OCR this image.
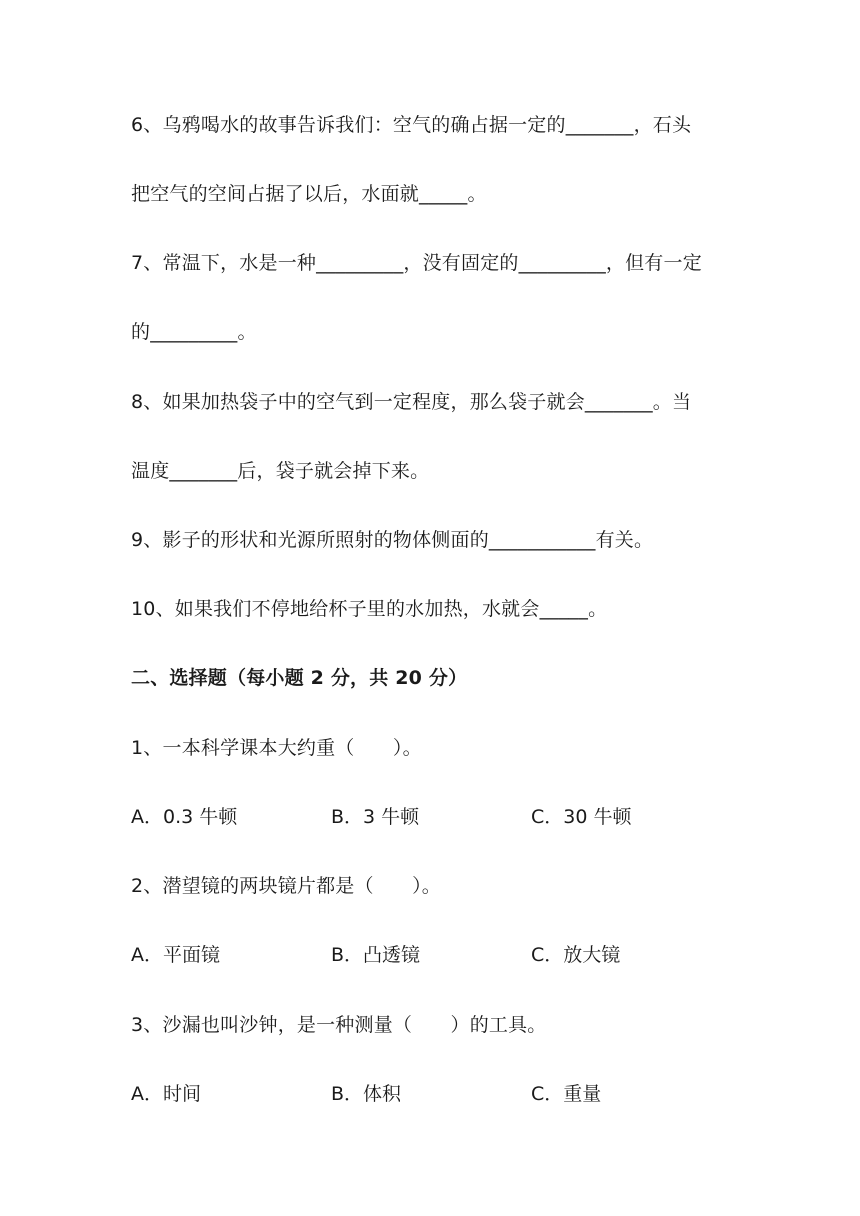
6、乌鸦喝水的故事告诉我们：空气的确占据一定的_______，石头
把空气的空间占据了以后，水面就_____。
7、常温下，水是一种_________，没有固定的_________，但有一定
的_________。
8、如果加热袋子中的空气到一定程度，那么袋子就会_______。当
温度_______后，袋子就会掉下来。
9、影子的形状和光源所照射的物体侧面的___________有关。
10、如果我们不停地给杯子里的水加热，水就会_____。
二、选择题（每小题 2 分，共 20 分）
1、一本科学课本大约重（　　）。
A．0.3 牛顿	B．3 牛顿	C．30 牛顿
2、潜望镜的两块镜片都是（　　）。
A．平面镜	B．凸透镜	C．放大镜
3、沙漏也叫沙钟，是一种测量（　　）的工具。
A．时间	B．体积	C．重量
